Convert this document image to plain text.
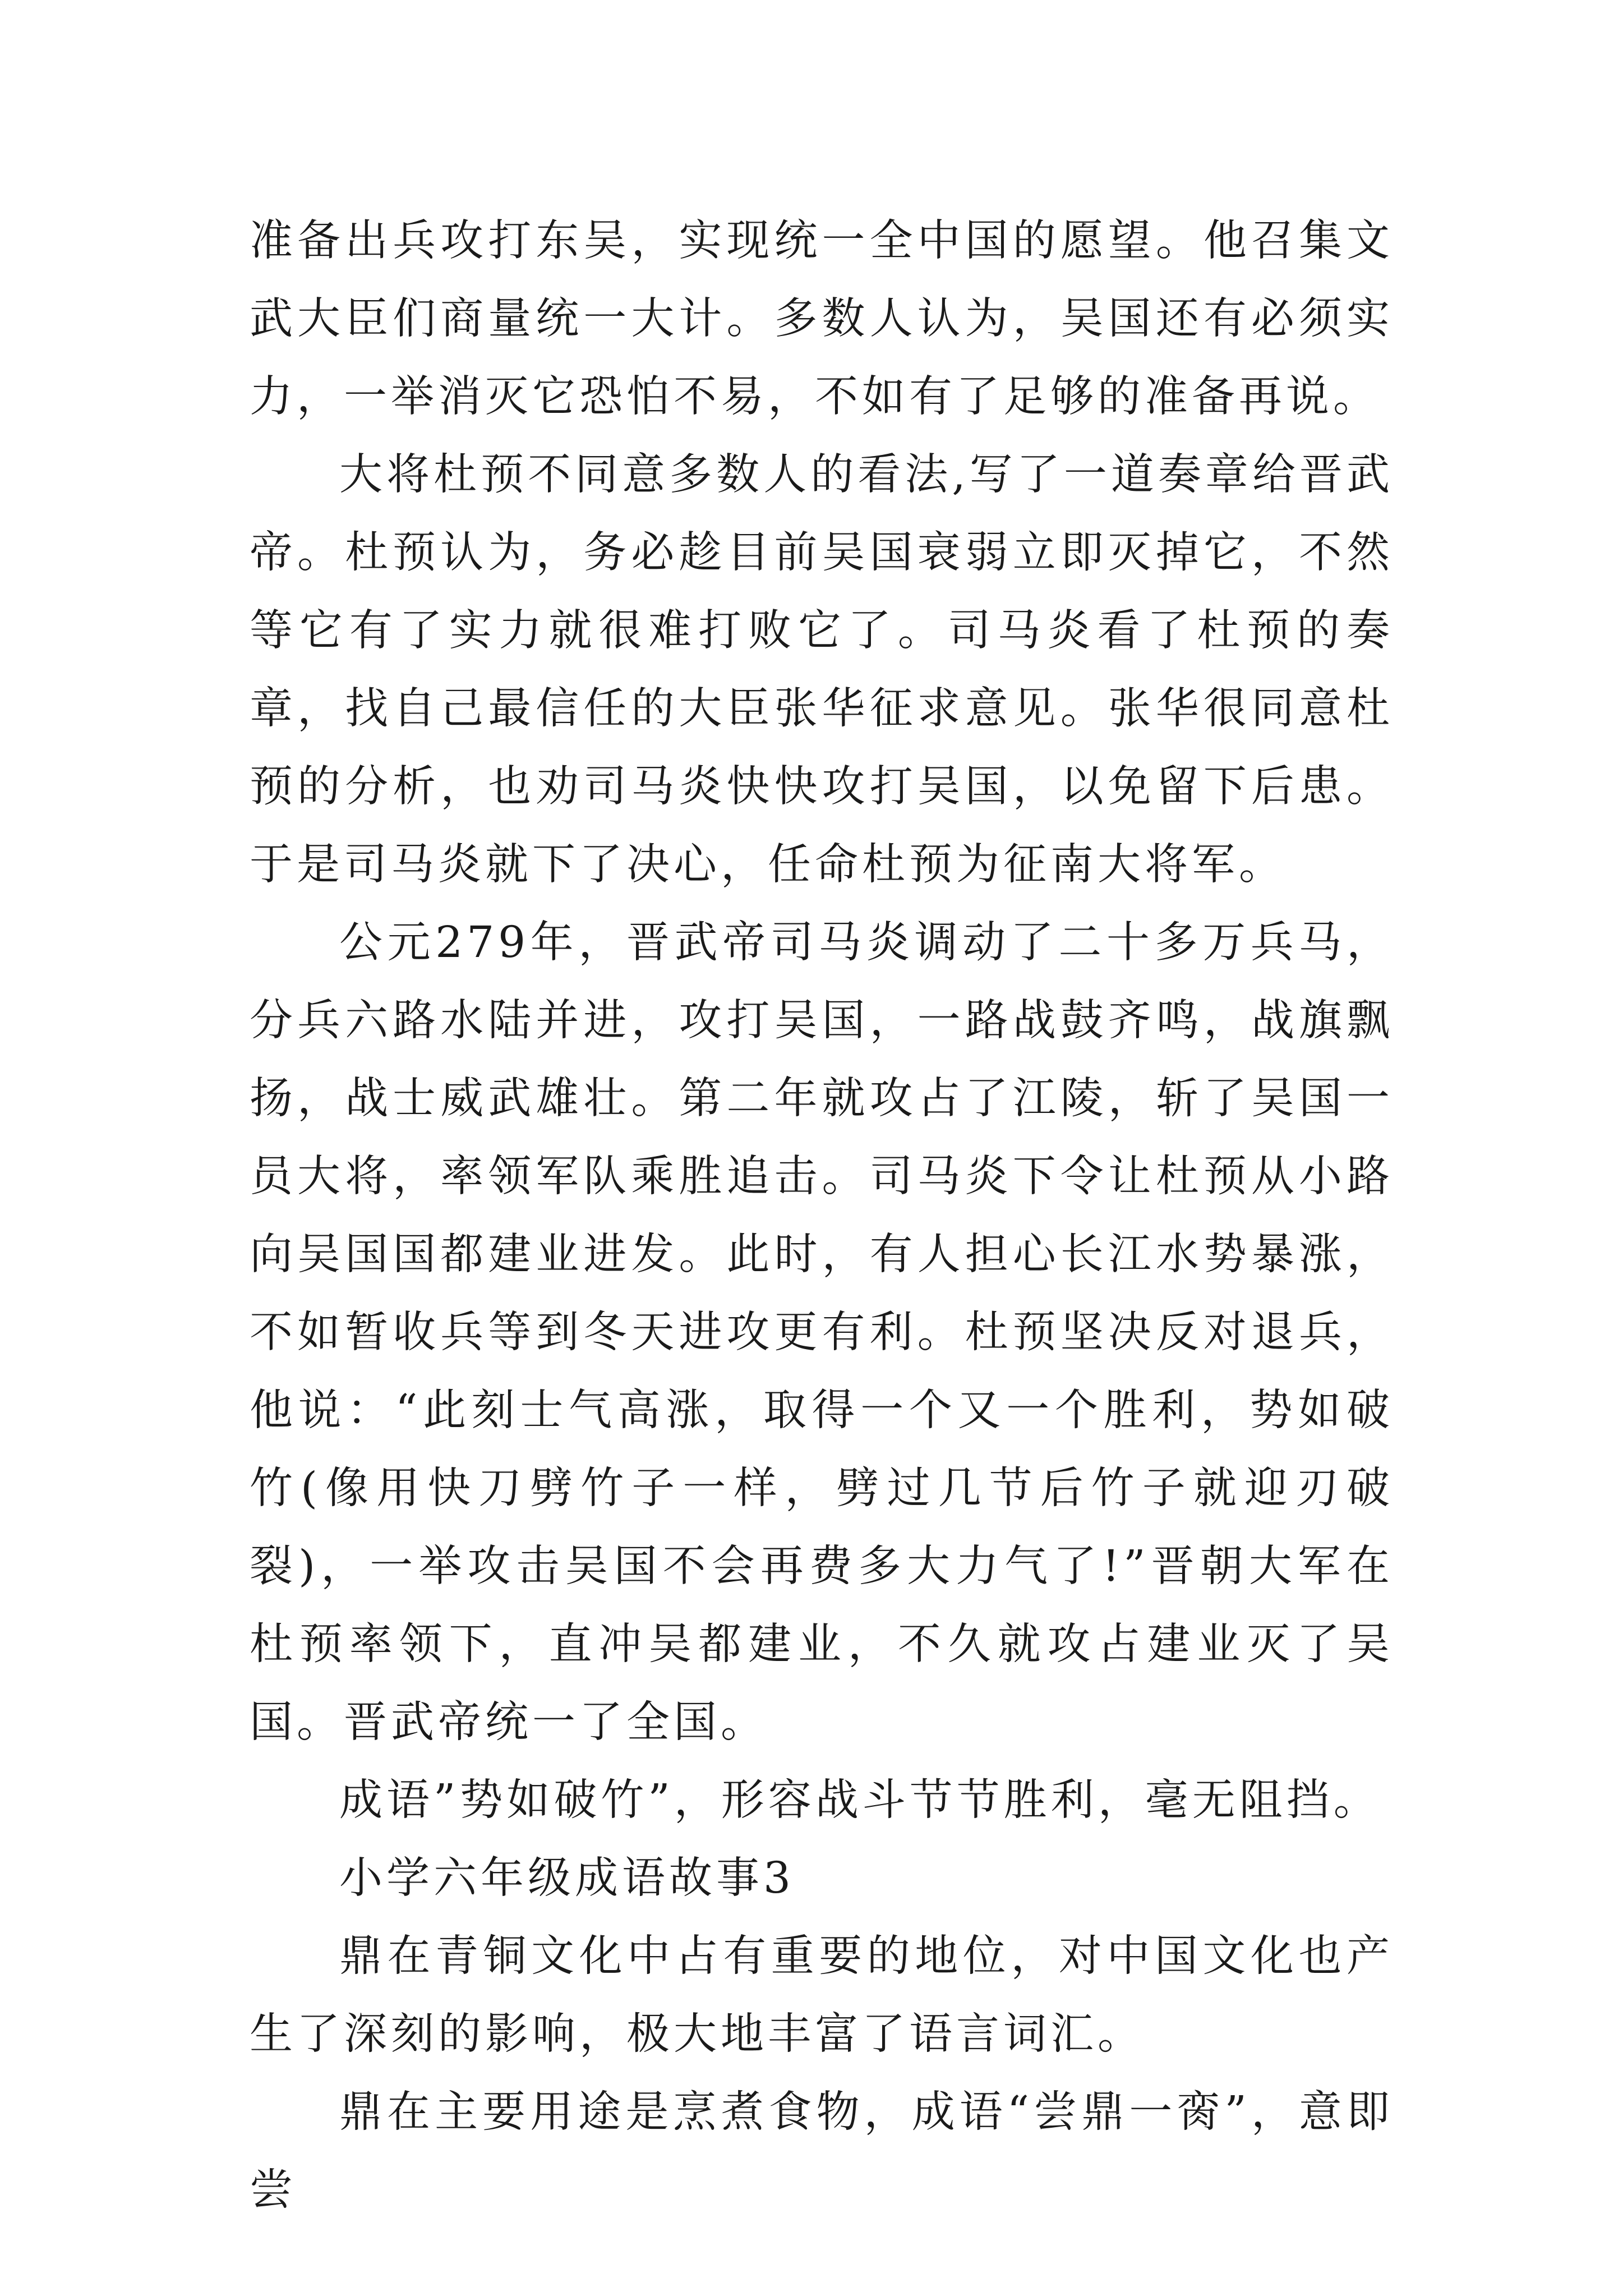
准备出兵攻打东吴，实现统一全中国的愿望。他召集文武大臣们商量统一大计。多数人认为，吴国还有必须实力，一举消灭它恐怕不易，不如有了足够的准备再说。

大将杜预不同意多数人的看法,写了一道奏章给晋武帝。杜预认为，务必趁目前吴国衰弱立即灭掉它，不然等它有了实力就很难打败它了。司马炎看了杜预的奏章，找自己最信任的大臣张华征求意见。张华很同意杜预的分析，也劝司马炎快快攻打吴国，以免留下后患。于是司马炎就下了决心，任命杜预为征南大将军。

公元279年，晋武帝司马炎调动了二十多万兵马，分兵六路水陆并进，攻打吴国，一路战鼓齐鸣，战旗飘扬，战士威武雄壮。第二年就攻占了江陵，斩了吴国一员大将，率领军队乘胜追击。司马炎下令让杜预从小路向吴国国都建业进发。此时，有人担心长江水势暴涨，不如暂收兵等到冬天进攻更有利。杜预坚决反对退兵，他说：“此刻士气高涨，取得一个又一个胜利，势如破竹(像用快刀劈竹子一样，劈过几节后竹子就迎刃破裂)，一举攻击吴国不会再费多大力气了!”晋朝大军在杜预率领下，直冲吴都建业，不久就攻占建业灭了吴国。晋武帝统一了全国。

成语”势如破竹”，形容战斗节节胜利，毫无阻挡。

小学六年级成语故事3

鼎在青铜文化中占有重要的地位，对中国文化也产生了深刻的影响，极大地丰富了语言词汇。

鼎在主要用途是烹煮食物，成语“尝鼎一脔”，意即尝
